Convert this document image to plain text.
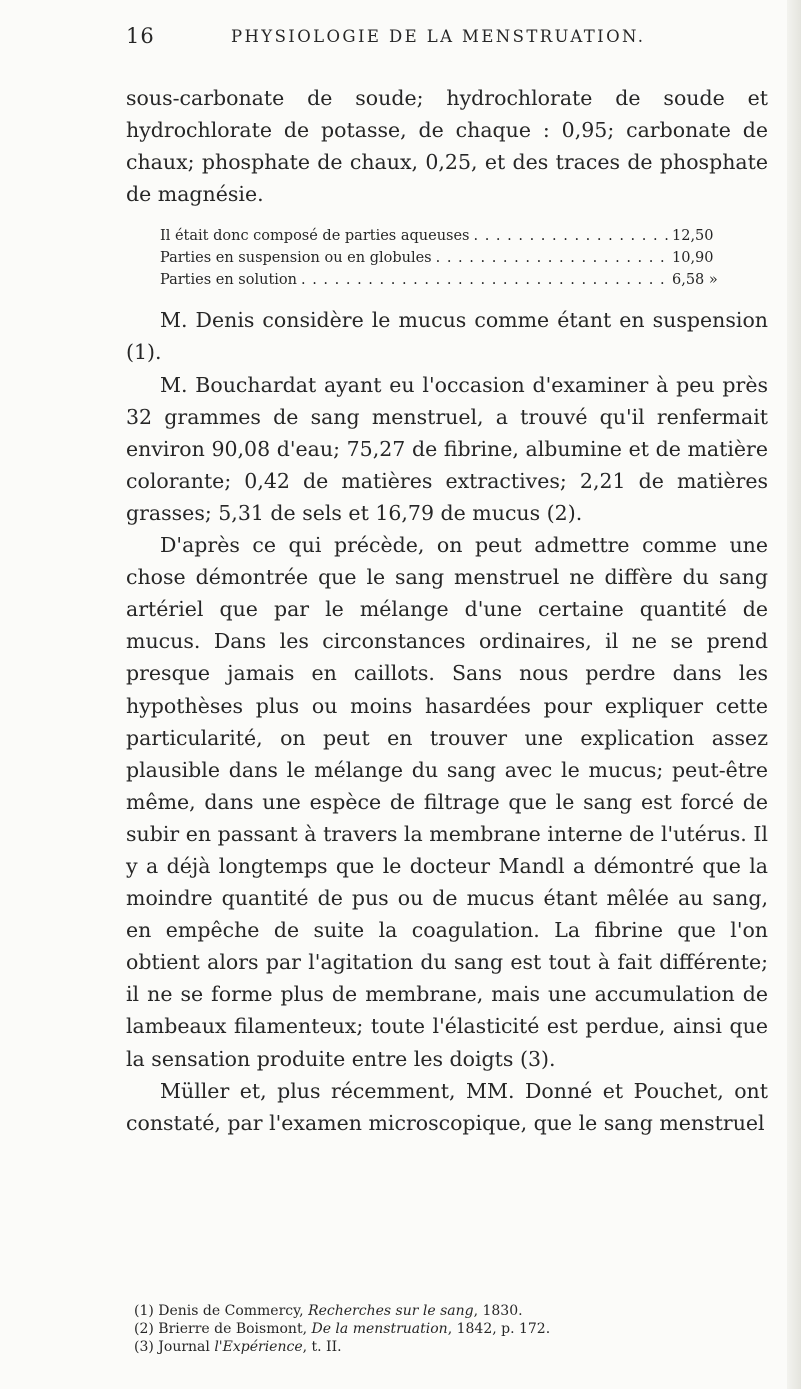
16	PHYSIOLOGIE DE LA MENSTRUATION.

sous-carbonate de soude; hydrochlorate de soude et hydrochlorate de potasse, de chaque : 0,95; carbonate de chaux; phosphate de chaux, 0,25, et des traces de phosphate de magnésie.

Il était donc composé de parties aqueuses . . .	12,50
Parties en suspension ou en globules . . .	10,90
Parties en solution . . .	6,58 »

M. Denis considère le mucus comme étant en suspension (1).

M. Bouchardat ayant eu l'occasion d'examiner à peu près 32 grammes de sang menstruel, a trouvé qu'il renfermait environ 90,08 d'eau; 75,27 de fibrine, albumine et de matière colorante; 0,42 de matières extractives; 2,21 de matières grasses; 5,31 de sels et 16,79 de mucus (2).

D'après ce qui précède, on peut admettre comme une chose démontrée que le sang menstruel ne diffère du sang artériel que par le mélange d'une certaine quantité de mucus. Dans les circonstances ordinaires, il ne se prend presque jamais en caillots. Sans nous perdre dans les hypothèses plus ou moins hasardées pour expliquer cette particularité, on peut en trouver une explication assez plausible dans le mélange du sang avec le mucus; peut-être même, dans une espèce de filtrage que le sang est forcé de subir en passant à travers la membrane interne de l'utérus. Il y a déjà longtemps que le docteur Mandl a démontré que la moindre quantité de pus ou de mucus étant mêlée au sang, en empêche de suite la coagulation. La fibrine que l'on obtient alors par l'agitation du sang est tout à fait différente; il ne se forme plus de membrane, mais une accumulation de lambeaux filamenteux; toute l'élasticité est perdue, ainsi que la sensation produite entre les doigts (3).

Müller et, plus récemment, MM. Donné et Pouchet, ont constaté, par l'examen microscopique, que le sang menstruel

(1) Denis de Commercy, Recherches sur le sang, 1830.
(2) Brierre de Boismont, De la menstruation, 1842, p. 172.
(3) Journal l'Expérience, t. II.
